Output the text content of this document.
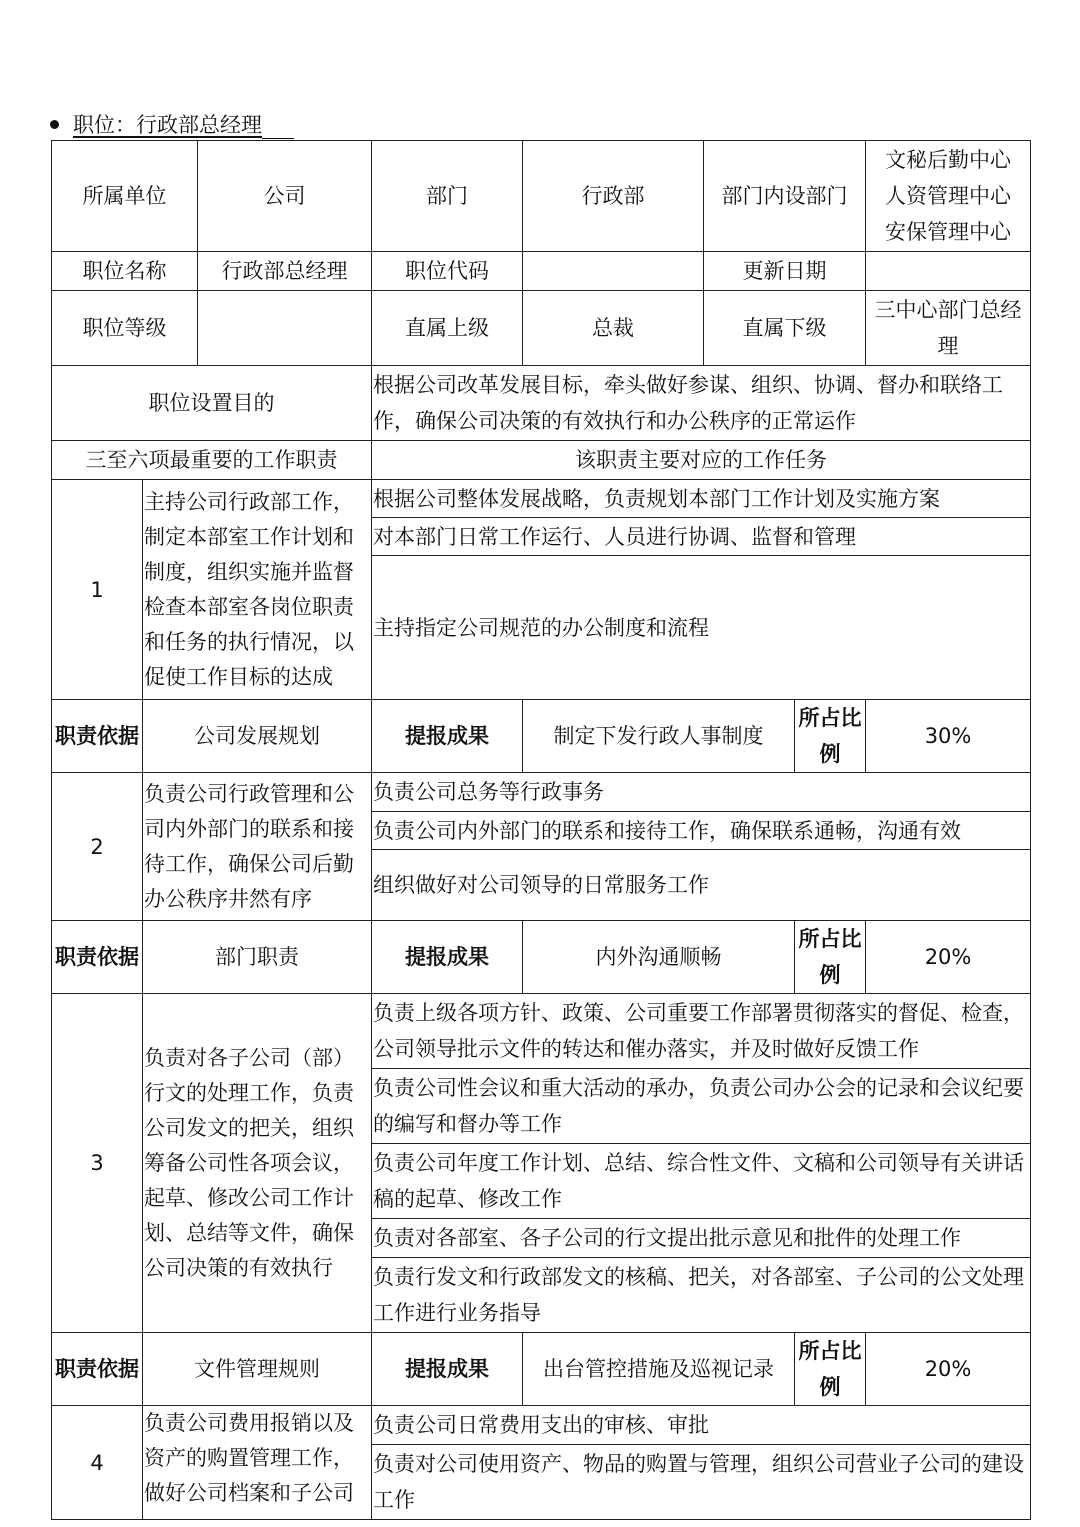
职位：行政部总经理
所属单位		公司	部门	行政部	部门内设部门		文秘后勤中心
人资管理中心
安保管理中心

职位名称		行政部总经理	职位代码		更新日期		
职位等级			直属上级	总裁	直属下级		三中心部门总经理
职位设置目的			根据公司改革发展目标，牵头做好参谋、组织、协调、督办和联络工作，确保公司决策的有效执行和办公秩序的正常运作				
三至六项最重要的工作职责			该职责主要对应的工作任务				
1	主持公司行政部工作，制定本部室工作计划和制度，组织实施并监督检查本部室各岗位职责和任务的执行情况，以促使工作目标的达成		根据公司整体发展战略，负责规划本部门工作计划及实施方案				
			对本部门日常工作运行、人员进行协调、监督和管理				
			主持指定公司规范的办公制度和流程				
职责依据	公司发展规划		提报成果	制定下发行政人事制度		所占比例	30%
2	负责公司行政管理和公司内外部门的联系和接待工作，确保公司后勤办公秩序井然有序		负责公司总务等行政事务				
			负责公司内外部门的联系和接待工作，确保联系通畅，沟通有效				
			组织做好对公司领导的日常服务工作				
职责依据	部门职责		提报成果	内外沟通顺畅		所占比例	20%
3	负责对各子公司（部）行文的处理工作，负责公司发文的把关，组织筹备公司性各项会议，起草、修改公司工作计划、总结等文件，确保公司决策的有效执行		负责上级各项方针、政策、公司重要工作部署贯彻落实的督促、检查，公司领导批示文件的转达和催办落实，并及时做好反馈工作				
			负责公司性会议和重大活动的承办，负责公司办公会的记录和会议纪要的编写和督办等工作				
			负责公司年度工作计划、总结、综合性文件、文稿和公司领导有关讲话稿的起草、修改工作				
			负责对各部室、各子公司的行文提出批示意见和批件的处理工作				
			负责行发文和行政部发文的核稿、把关，对各部室、子公司的公文处理工作进行业务指导				
职责依据	文件管理规则		提报成果	出台管控措施及巡视记录		所占比例	20%
4	负责公司费用报销以及资产的购置管理工作，做好公司档案和子公司		负责公司日常费用支出的审核、审批				
			负责对公司使用资产、物品的购置与管理，组织公司营业子公司的建设工作				
